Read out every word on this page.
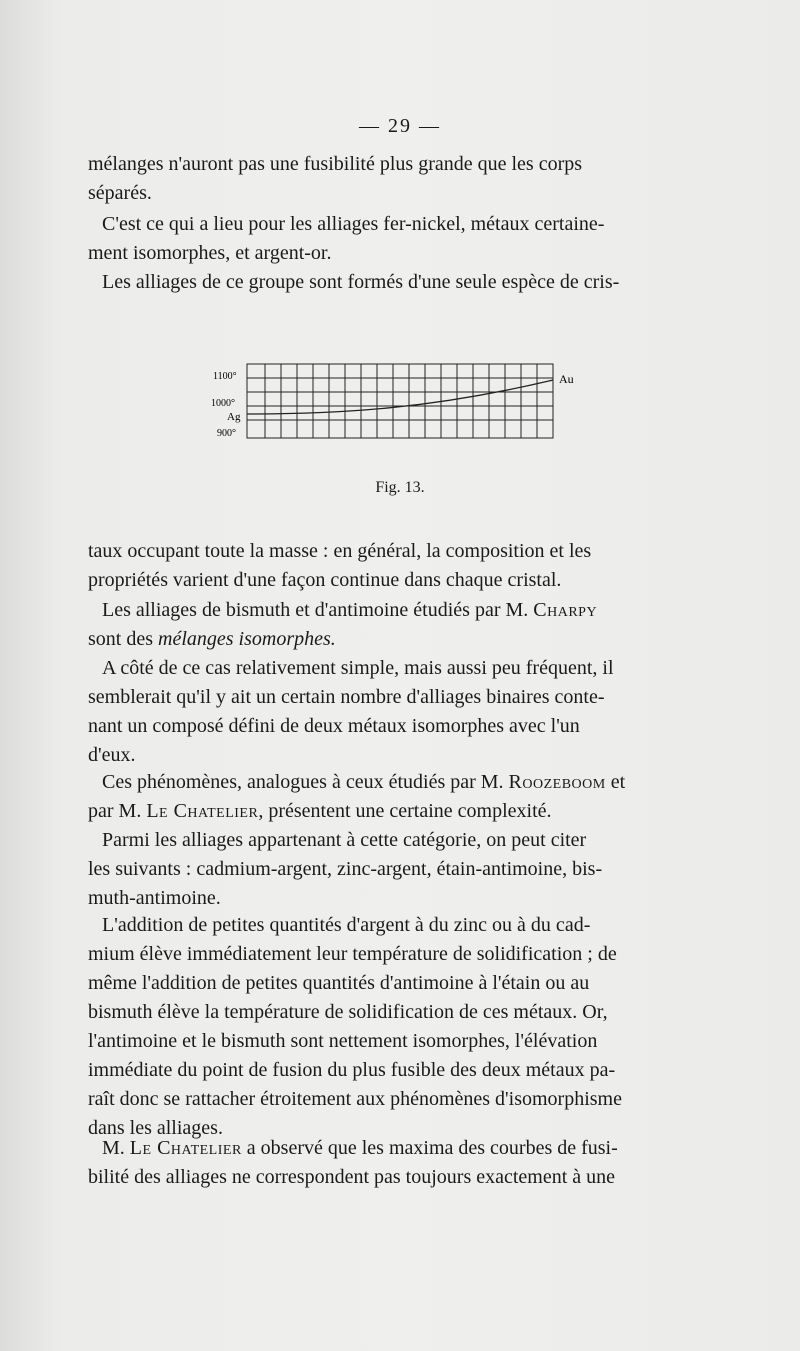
— 29 —
mélanges n'auront pas une fusibilité plus grande que les corps
séparés.
C'est ce qui a lieu pour les alliages fer-nickel, métaux certaine-
ment isomorphes, et argent-or.
Les alliages de ce groupe sont formés d'une seule espèce de cris-
1100°
1000°
Ag
900°
Au
Fig. 13.
taux occupant toute la masse : en général, la composition et les
propriétés varient d'une façon continue dans chaque cristal.
Les alliages de bismuth et d'antimoine étudiés par M. Charpy
sont des mélanges isomorphes.
A côté de ce cas relativement simple, mais aussi peu fréquent, il
semblerait qu'il y ait un certain nombre d'alliages binaires conte-
nant un composé défini de deux métaux isomorphes avec l'un
d'eux.
Ces phénomènes, analogues à ceux étudiés par M. Roozeboom et
par M. Le Chatelier, présentent une certaine complexité.
Parmi les alliages appartenant à cette catégorie, on peut citer
les suivants : cadmium-argent, zinc-argent, étain-antimoine, bis-
muth-antimoine.
L'addition de petites quantités d'argent à du zinc ou à du cad-
mium élève immédiatement leur température de solidification ; de
même l'addition de petites quantités d'antimoine à l'étain ou au
bismuth élève la température de solidification de ces métaux. Or,
l'antimoine et le bismuth sont nettement isomorphes, l'élévation
immédiate du point de fusion du plus fusible des deux métaux pa-
raît donc se rattacher étroitement aux phénomènes d'isomorphisme
dans les alliages.
M. Le Chatelier a observé que les maxima des courbes de fusi-
bilité des alliages ne correspondent pas toujours exactement à une
